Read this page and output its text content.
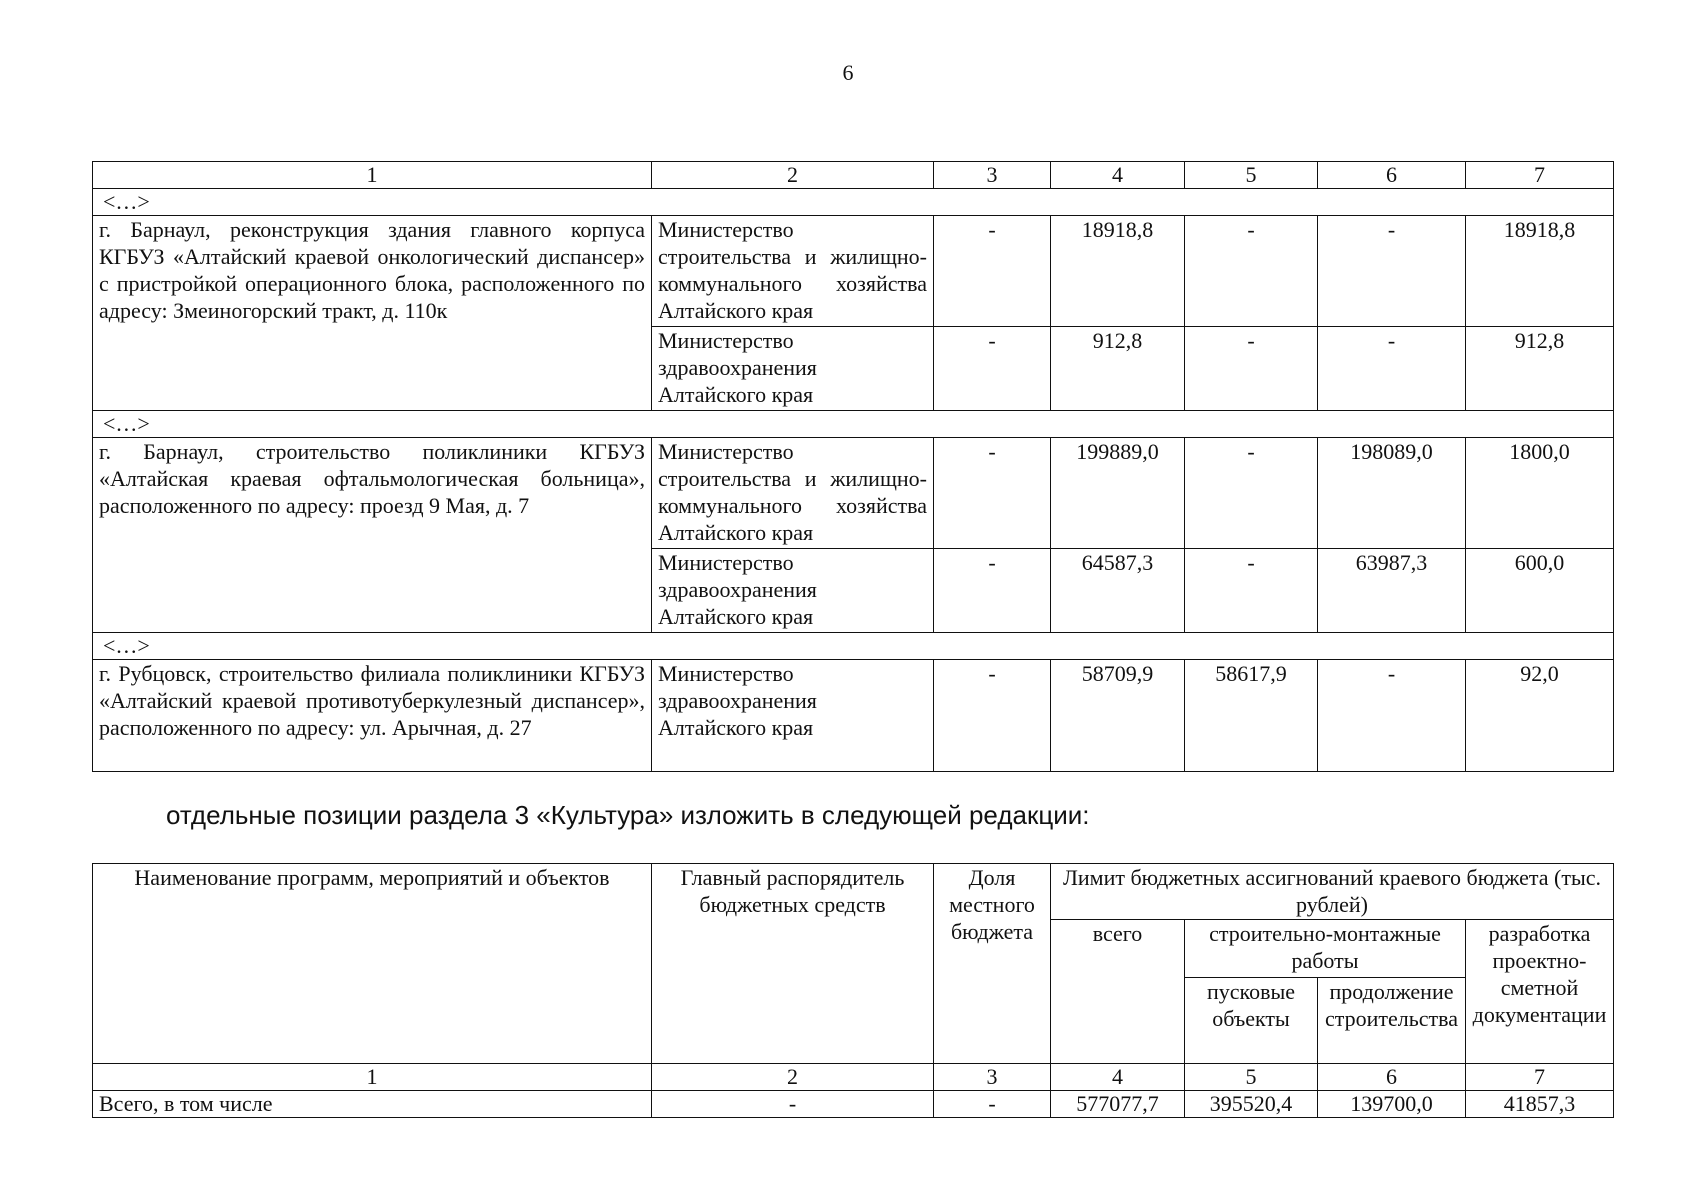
6
1	2	3	4	5	6	7
<…>						
г. Барнаул, реконструкция здания главного корпуса КГБУЗ «Алтайский краевой онкологический диспансер» с пристройкой операционного блока, расположенного по адресу: Змеиногорский тракт, д. 110к	Министерство строительства и жилищно-коммунального хозяйства Алтайского края	-	18918,8	-	-	18918,8
	Министерство здравоохранения Алтайского края	-	912,8	-	-	912,8
<…>						
г. Барнаул, строительство поликлиники КГБУЗ «Алтайская краевая офтальмологическая больница», расположенного по адресу: проезд 9 Мая, д. 7	Министерство строительства и жилищно-коммунального хозяйства Алтайского края	-	199889,0	-	198089,0	1800,0
	Министерство здравоохранения Алтайского края	-	64587,3	-	63987,3	600,0
<…>						
г. Рубцовск, строительство филиала поликлиники КГБУЗ «Алтайский краевой противотуберкулезный диспансер», расположенного по адресу: ул. Арычная, д. 27	Министерство здравоохранения Алтайского края	-	58709,9	58617,9	-	92,0
отдельные позиции раздела 3 «Культура» изложить в следующей редакции:
Наименование программ, мероприятий и объектов	Главный распорядитель бюджетных средств	Доля местного бюджета	Лимит бюджетных ассигнований краевого бюджета (тыс. рублей)			
			всего	строительно-монтажные работы		разработка проектно-сметной документации
				пусковые объекты	продолжение строительства	
1	2	3	4	5	6	7
Всего, в том числе	-	-	577077,7	395520,4	139700,0	41857,3
